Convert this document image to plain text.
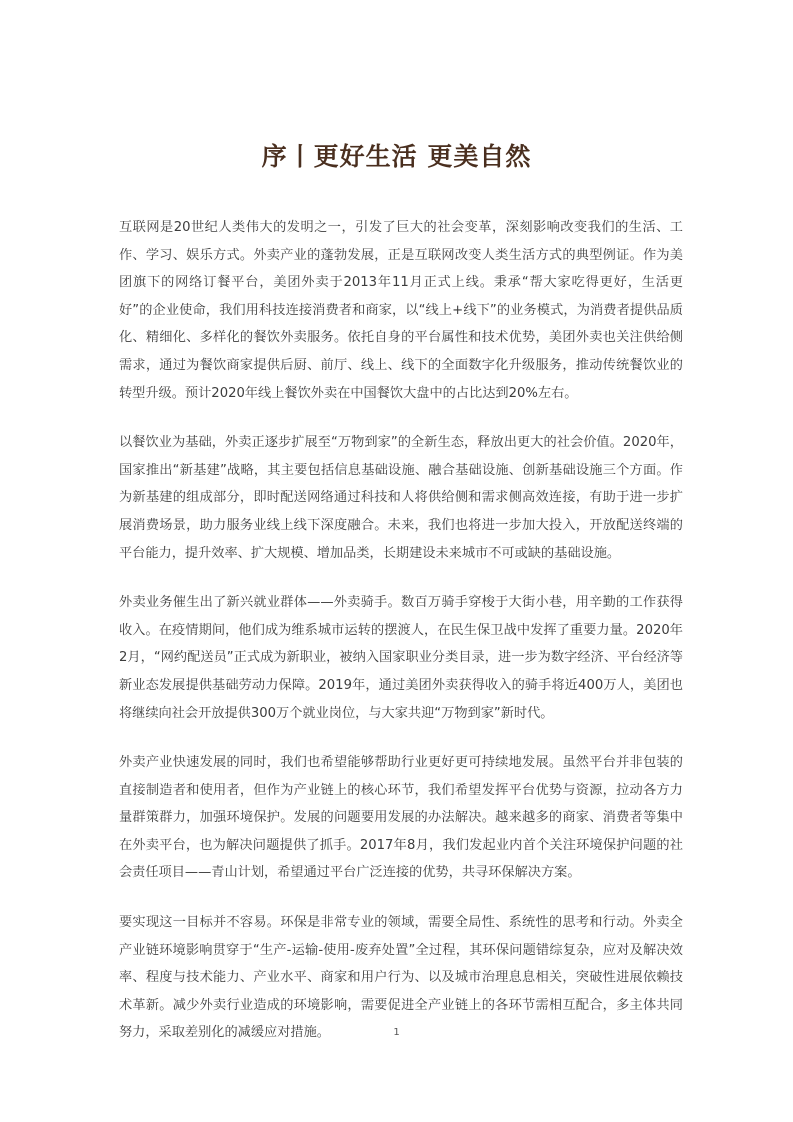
序丨更好生活 更美自然

互联网是20世纪人类伟大的发明之一，引发了巨大的社会变革，深刻影响改变我们的生活、工作、学习、娱乐方式。外卖产业的蓬勃发展，正是互联网改变人类生活方式的典型例证。作为美团旗下的网络订餐平台，美团外卖于2013年11月正式上线。秉承“帮大家吃得更好，生活更好”的企业使命，我们用科技连接消费者和商家，以“线上+线下”的业务模式，为消费者提供品质化、精细化、多样化的餐饮外卖服务。依托自身的平台属性和技术优势，美团外卖也关注供给侧需求，通过为餐饮商家提供后厨、前厅、线上、线下的全面数字化升级服务，推动传统餐饮业的转型升级。预计2020年线上餐饮外卖在中国餐饮大盘中的占比达到20%左右。

以餐饮业为基础，外卖正逐步扩展至“万物到家”的全新生态，释放出更大的社会价值。2020年，国家推出“新基建”战略，其主要包括信息基础设施、融合基础设施、创新基础设施三个方面。作为新基建的组成部分，即时配送网络通过科技和人将供给侧和需求侧高效连接，有助于进一步扩展消费场景，助力服务业线上线下深度融合。未来，我们也将进一步加大投入，开放配送终端的平台能力，提升效率、扩大规模、增加品类，长期建设未来城市不可或缺的基础设施。

外卖业务催生出了新兴就业群体——外卖骑手。数百万骑手穿梭于大街小巷，用辛勤的工作获得收入。在疫情期间，他们成为维系城市运转的摆渡人，在民生保卫战中发挥了重要力量。2020年2月，“网约配送员”正式成为新职业，被纳入国家职业分类目录，进一步为数字经济、平台经济等新业态发展提供基础劳动力保障。2019年，通过美团外卖获得收入的骑手将近400万人，美团也将继续向社会开放提供300万个就业岗位，与大家共迎“万物到家”新时代。

外卖产业快速发展的同时，我们也希望能够帮助行业更好更可持续地发展。虽然平台并非包装的直接制造者和使用者，但作为产业链上的核心环节，我们希望发挥平台优势与资源，拉动各方力量群策群力，加强环境保护。发展的问题要用发展的办法解决。越来越多的商家、消费者等集中在外卖平台，也为解决问题提供了抓手。2017年8月，我们发起业内首个关注环境保护问题的社会责任项目——青山计划，希望通过平台广泛连接的优势，共寻环保解决方案。

要实现这一目标并不容易。环保是非常专业的领域，需要全局性、系统性的思考和行动。外卖全产业链环境影响贯穿于“生产-运输-使用-废弃处置”全过程，其环保问题错综复杂，应对及解决效率、程度与技术能力、产业水平、商家和用户行为、以及城市治理息息相关，突破性进展依赖技术革新。减少外卖行业造成的环境影响，需要促进全产业链上的各环节需相互配合，多主体共同努力，采取差别化的减缓应对措施。	1
